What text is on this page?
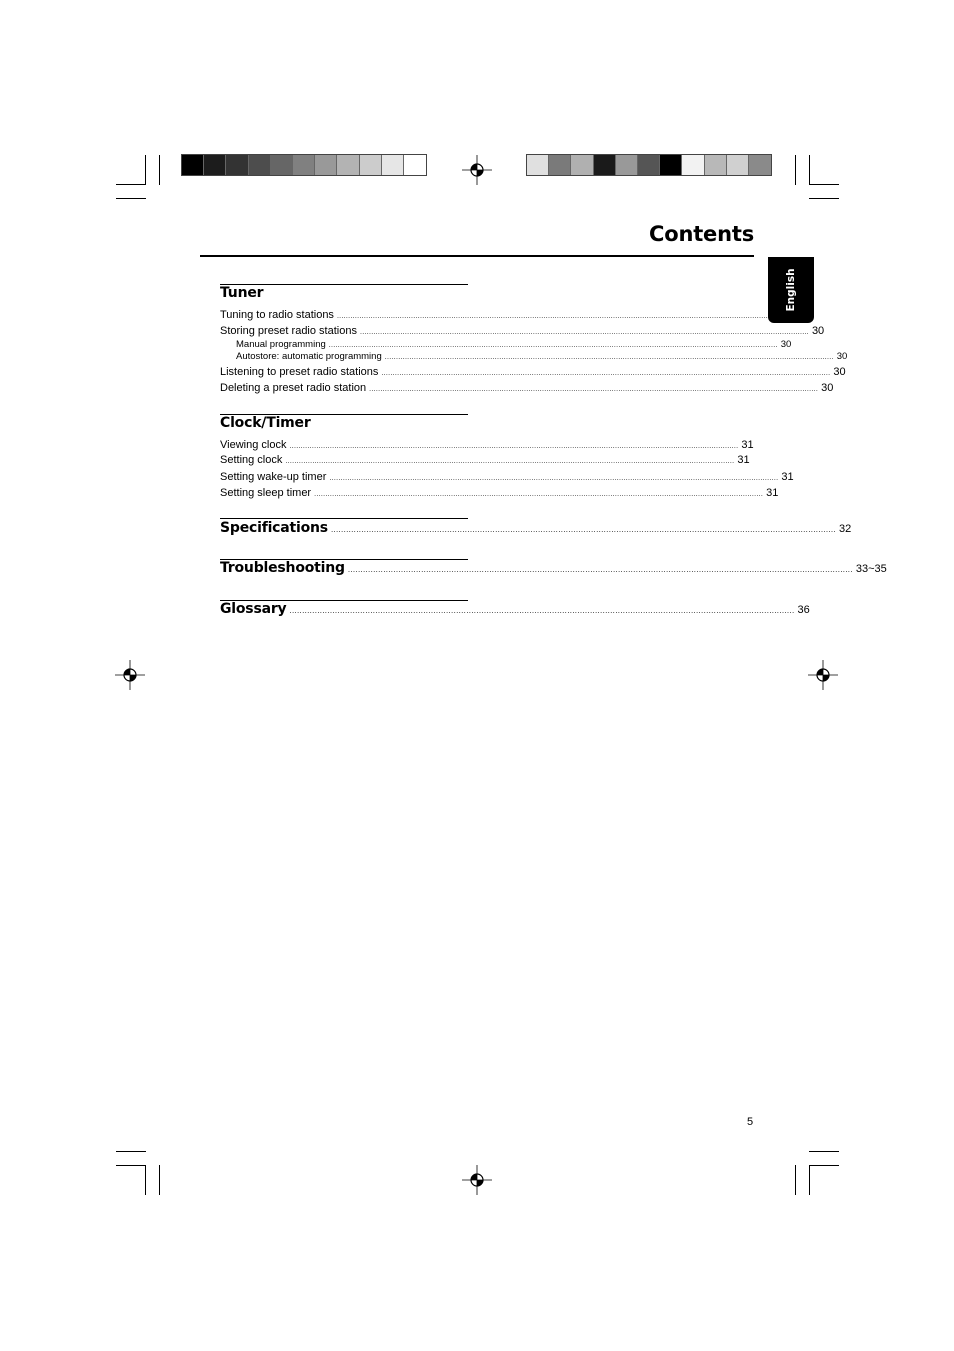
Contents
English
Tuner
Tuning to radio stations ........................................................................................................................................................................................................ 30
Storing preset radio stations ........................................................................................................................................................................................................ 30
Manual programming ........................................................................................................................................................................................................ 30
Autostore: automatic programming ........................................................................................................................................................................................................ 30
Listening to preset radio stations ........................................................................................................................................................................................................ 30
Deleting a preset radio station ........................................................................................................................................................................................................ 30
Clock/Timer
Viewing clock ........................................................................................................................................................................................................ 31
Setting clock ........................................................................................................................................................................................................ 31
Setting wake-up timer ........................................................................................................................................................................................................ 31
Setting sleep timer ........................................................................................................................................................................................................ 31
Specifications ........................................................................................................................................................................................................ 32
Troubleshooting ........................................................................................................................................................................................................ 33~35
Glossary ........................................................................................................................................................................................................ 36
5
